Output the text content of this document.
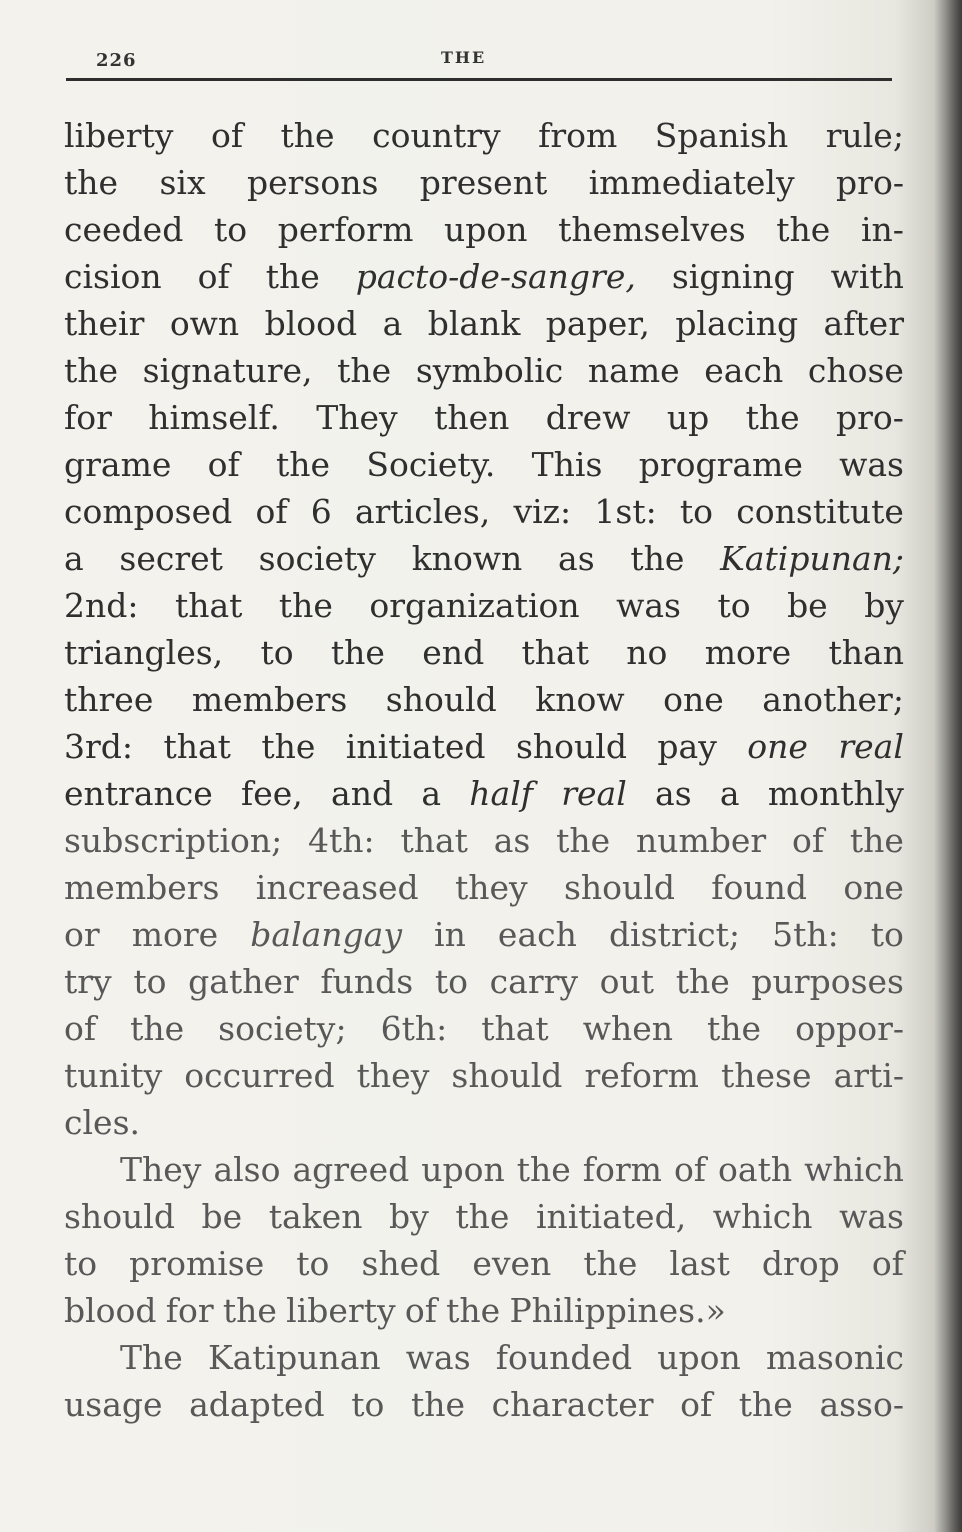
226	THE
liberty of the country from Spanish rule;
the six persons present immediately pro-
ceeded to perform upon themselves the in-
cision of the pacto-de-sangre, signing with
their own blood a blank paper, placing after
the signature, the symbolic name each chose
for himself. They then drew up the pro-
grame of the Society. This programe was
composed of 6 articles, viz: 1st: to constitute
a secret society known as the Katipunan;
2nd: that the organization was to be by
triangles, to the end that no more than
three members should know one another;
3rd: that the initiated should pay one real
entrance fee, and a half real as a monthly
subscription; 4th: that as the number of the
members increased they should found one
or more balangay in each district; 5th: to
try to gather funds to carry out the purposes
of the society; 6th: that when the oppor-
tunity occurred they should reform these arti-
cles.
They also agreed upon the form of oath which
should be taken by the initiated, which was
to promise to shed even the last drop of
blood for the liberty of the Philippines.»
The Katipunan was founded upon masonic
usage adapted to the character of the asso-
